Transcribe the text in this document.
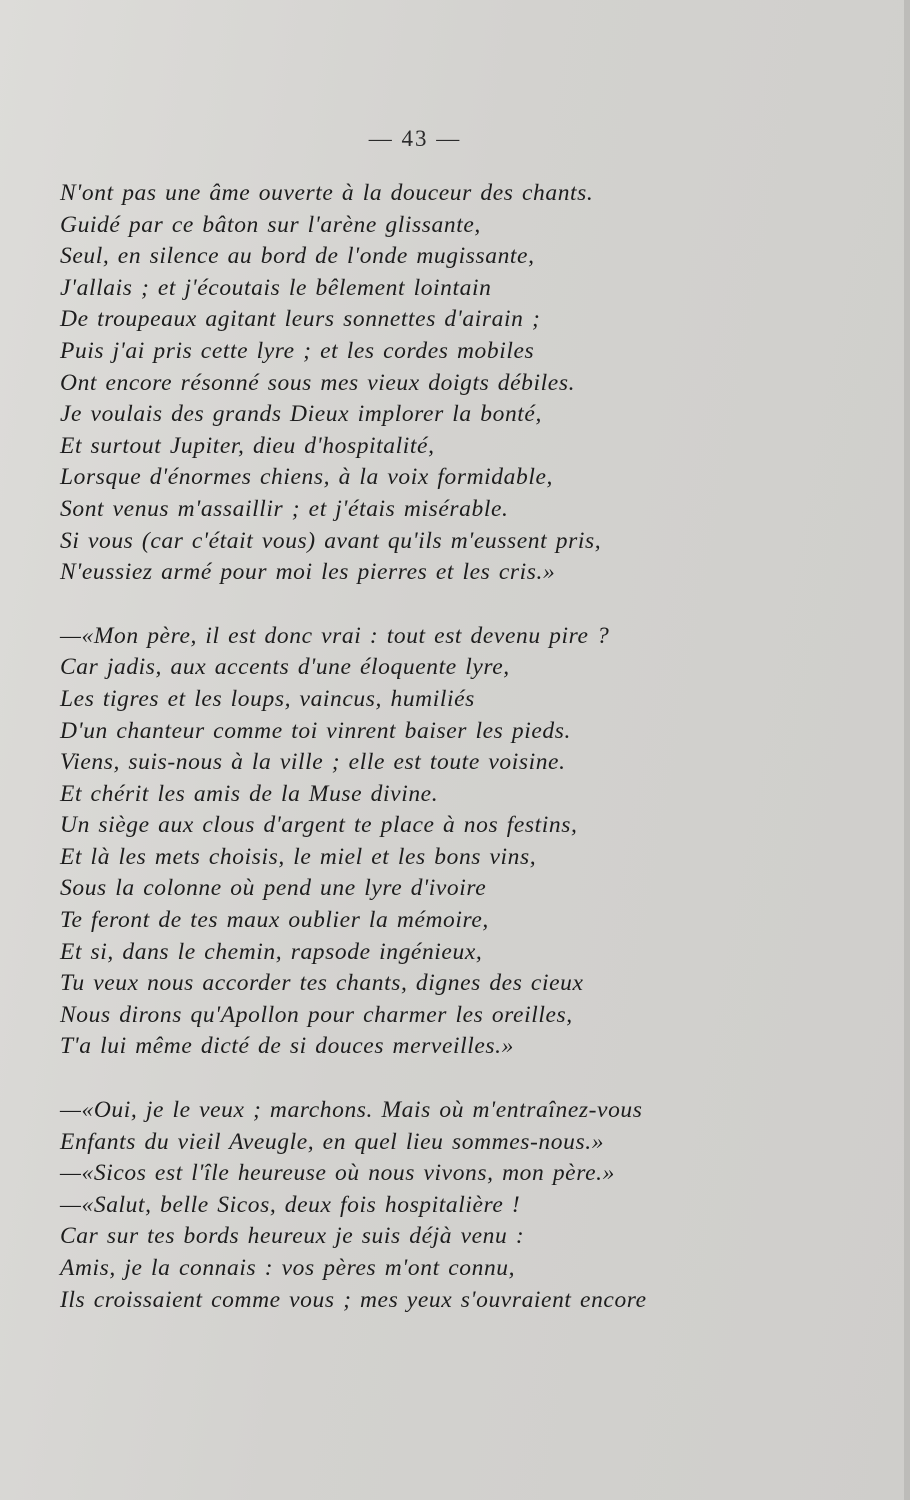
— 43 —
N'ont pas une âme ouverte à la douceur des chants.
Guidé par ce bâton sur l'arène glissante,
Seul, en silence au bord de l'onde mugissante,
J'allais ; et j'écoutais le bêlement lointain
De troupeaux agitant leurs sonnettes d'airain ;
Puis j'ai pris cette lyre ; et les cordes mobiles
Ont encore résonné sous mes vieux doigts débiles.
Je voulais des grands Dieux implorer la bonté,
Et surtout Jupiter, dieu d'hospitalité,
Lorsque d'énormes chiens, à la voix formidable,
Sont venus m'assaillir ; et j'étais misérable.
Si vous (car c'était vous) avant qu'ils m'eussent pris,
N'eussiez armé pour moi les pierres et les cris.»
—«Mon père, il est donc vrai : tout est devenu pire ?
Car jadis, aux accents d'une éloquente lyre,
Les tigres et les loups, vaincus, humiliés
D'un chanteur comme toi vinrent baiser les pieds.
Viens, suis-nous à la ville ; elle est toute voisine.
Et chérit les amis de la Muse divine.
Un siège aux clous d'argent te place à nos festins,
Et là les mets choisis, le miel et les bons vins,
Sous la colonne où pend une lyre d'ivoire
Te feront de tes maux oublier la mémoire,
Et si, dans le chemin, rapsode ingénieux,
Tu veux nous accorder tes chants, dignes des cieux
Nous dirons qu'Apollon pour charmer les oreilles,
T'a lui même dicté de si douces merveilles.»
—«Oui, je le veux ; marchons. Mais où m'entraînez-vous
Enfants du vieil Aveugle, en quel lieu sommes-nous.»
—«Sicos est l'île heureuse où nous vivons, mon père.»
—«Salut, belle Sicos, deux fois hospitalière !
Car sur tes bords heureux je suis déjà venu :
Amis, je la connais : vos pères m'ont connu,
Ils croissaient comme vous ; mes yeux s'ouvraient encore
